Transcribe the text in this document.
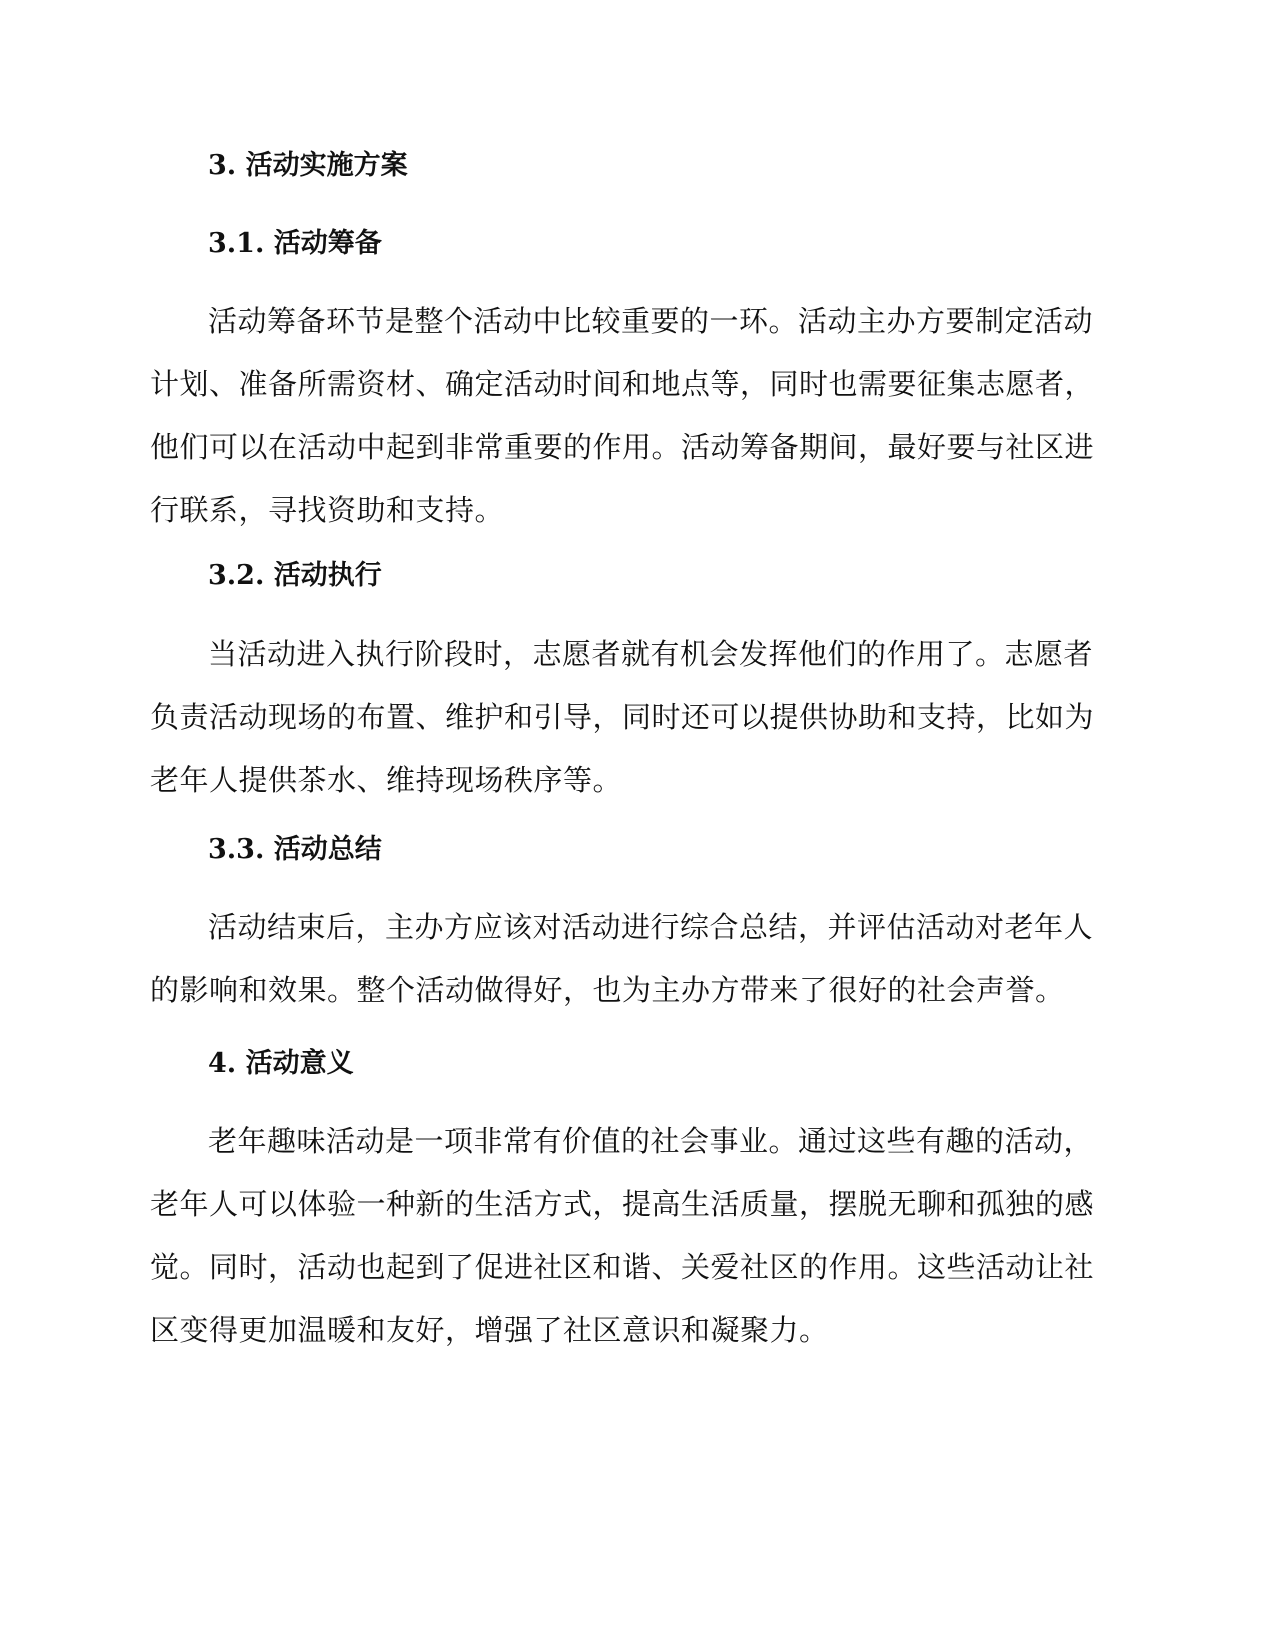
3. 活动实施方案
3.1. 活动筹备

活动筹备环节是整个活动中比较重要的一环。活动主办方要制定活动计划、准备所需资材、确定活动时间和地点等，同时也需要征集志愿者，他们可以在活动中起到非常重要的作用。活动筹备期间，最好要与社区进行联系，寻找资助和支持。

3.2. 活动执行

当活动进入执行阶段时，志愿者就有机会发挥他们的作用了。志愿者负责活动现场的布置、维护和引导，同时还可以提供协助和支持，比如为老年人提供茶水、维持现场秩序等。

3.3. 活动总结

活动结束后，主办方应该对活动进行综合总结，并评估活动对老年人的影响和效果。整个活动做得好，也为主办方带来了很好的社会声誉。

4. 活动意义

老年趣味活动是一项非常有价值的社会事业。通过这些有趣的活动，老年人可以体验一种新的生活方式，提高生活质量，摆脱无聊和孤独的感觉。同时，活动也起到了促进社区和谐、关爱社区的作用。这些活动让社区变得更加温暖和友好，增强了社区意识和凝聚力。
